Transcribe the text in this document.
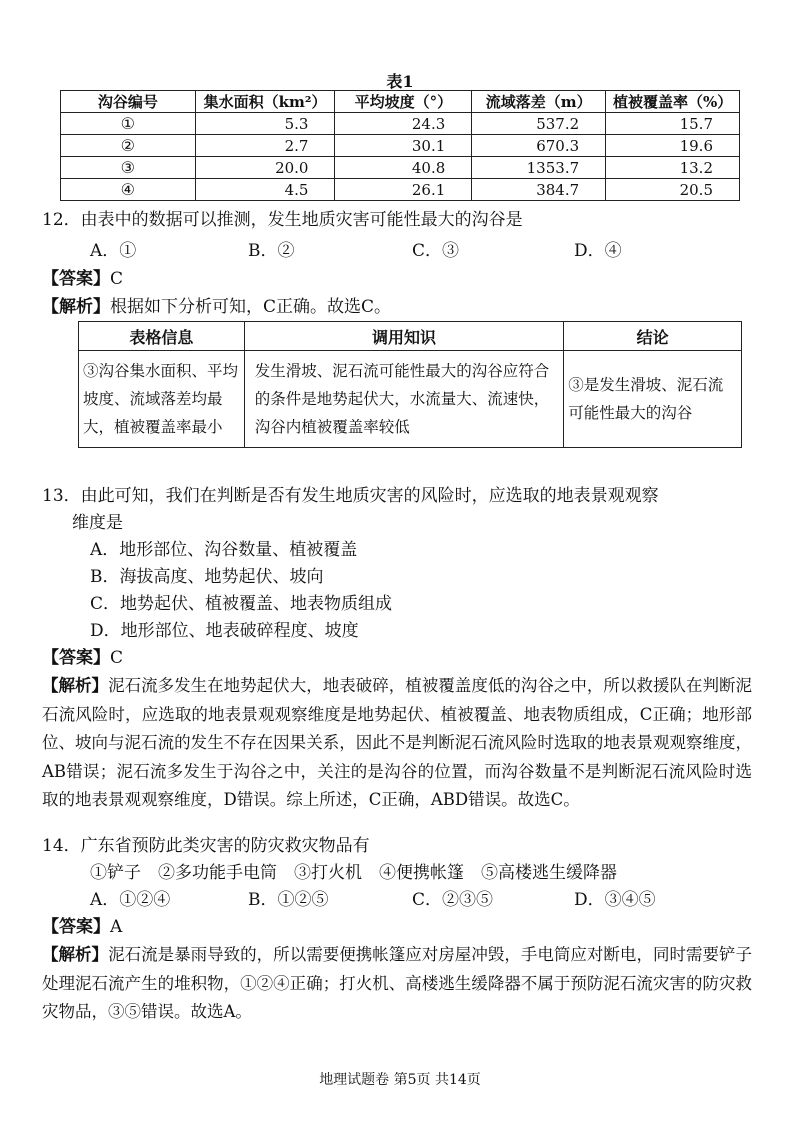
表1
沟谷编号	集水面积（km²）	平均坡度（°）	流域落差（m）	植被覆盖率（%）
①	5.3	24.3	537.2	15.7
②	2.7	30.1	670.3	19.6
③	20.0	40.8	1353.7	13.2
④	4.5	26.1	384.7	20.5
12．由表中的数据可以推测，发生地质灾害可能性最大的沟谷是
A．①	B．②	C．③	D．④
【答案】C
【解析】根据如下分析可知，C正确。故选C。
表格信息	调用知识	结论
③沟谷集水面积、平均坡度、流域落差均最大，植被覆盖率最小	发生滑坡、泥石流可能性最大的沟谷应符合的条件是地势起伏大，水流量大、流速快，沟谷内植被覆盖率较低	③是发生滑坡、泥石流可能性最大的沟谷
13．由此可知，我们在判断是否有发生地质灾害的风险时，应选取的地表景观观察
维度是
A．地形部位、沟谷数量、植被覆盖
B．海拔高度、地势起伏、坡向
C．地势起伏、植被覆盖、地表物质组成
D．地形部位、地表破碎程度、坡度
【答案】C
【解析】泥石流多发生在地势起伏大，地表破碎，植被覆盖度低的沟谷之中，所以救援队在判断泥石流风险时，应选取的地表景观观察维度是地势起伏、植被覆盖、地表物质组成，C正确；地形部位、坡向与泥石流的发生不存在因果关系，因此不是判断泥石流风险时选取的地表景观观察维度，AB错误；泥石流多发生于沟谷之中，关注的是沟谷的位置，而沟谷数量不是判断泥石流风险时选取的地表景观观察维度，D错误。综上所述，C正确，ABD错误。故选C。
14．广东省预防此类灾害的防灾救灾物品有
①铲子　②多功能手电筒　③打火机　④便携帐篷　⑤高楼逃生缓降器
A．①②④	B．①②⑤	C．②③⑤	D．③④⑤
【答案】A
【解析】泥石流是暴雨导致的，所以需要便携帐篷应对房屋冲毁，手电筒应对断电，同时需要铲子处理泥石流产生的堆积物，①②④正确；打火机、高楼逃生缓降器不属于预防泥石流灾害的防灾救灾物品，③⑤错误。故选A。
地理试题卷 第5页 共14页
